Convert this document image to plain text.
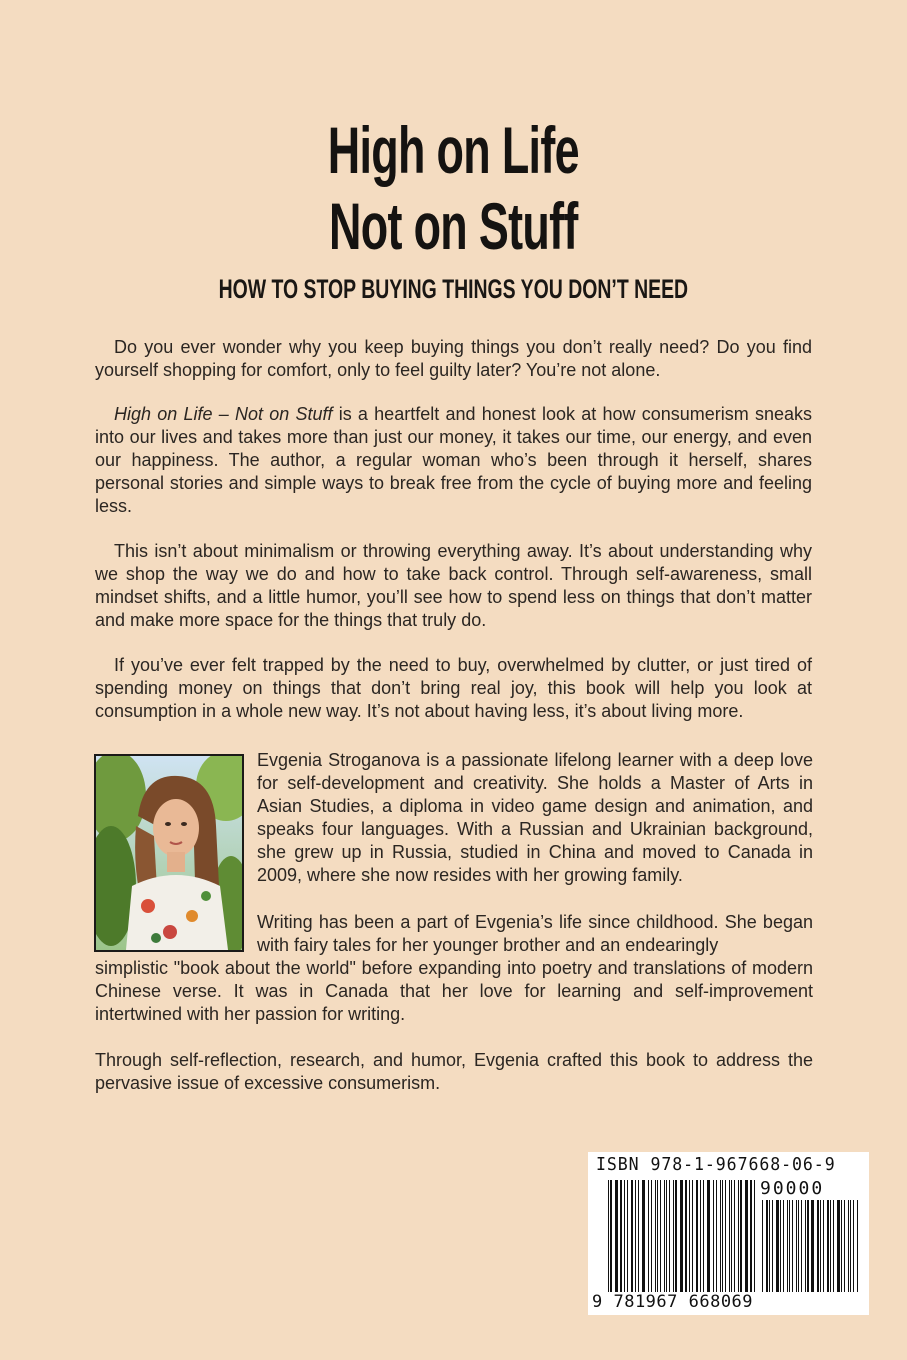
High on Life
Not on Stuff
HOW TO STOP BUYING THINGS YOU DON’T NEED

Do you ever wonder why you keep buying things you don’t really need? Do you find yourself shopping for comfort, only to feel guilty later? You’re not alone.

High on Life – Not on Stuff is a heartfelt and honest look at how consumerism sneaks into our lives and takes more than just our money, it takes our time, our energy, and even our happiness. The author, a regular woman who’s been through it herself, shares personal stories and simple ways to break free from the cycle of buying more and feeling less.

This isn’t about minimalism or throwing everything away. It’s about understanding why we shop the way we do and how to take back control. Through self-awareness, small mindset shifts, and a little humor, you’ll see how to spend less on things that don’t matter and make more space for the things that truly do.

If you’ve ever felt trapped by the need to buy, overwhelmed by clutter, or just tired of spending money on things that don’t bring real joy, this book will help you look at consumption in a whole new way. It’s not about having less, it’s about living more.

Evgenia Stroganova is a passionate lifelong learner with a deep love for self-development and creativity. She holds a Master of Arts in Asian Studies, a diploma in video game design and animation, and speaks four languages. With a Russian and Ukrainian background, she grew up in Russia, studied in China and moved to Canada in 2009, where she now resides with her growing family.

Writing has been a part of Evgenia’s life since childhood. She began with fairy tales for her younger brother and an endearingly

simplistic "book about the world" before expanding into poetry and translations of modern Chinese verse. It was in Canada that her love for learning and self-improvement intertwined with her passion for writing.

Through self-reflection, research, and humor, Evgenia crafted this book to address the pervasive issue of excessive consumerism.

ISBN 978-1-967668-06-9
90000
9 781967 668069
